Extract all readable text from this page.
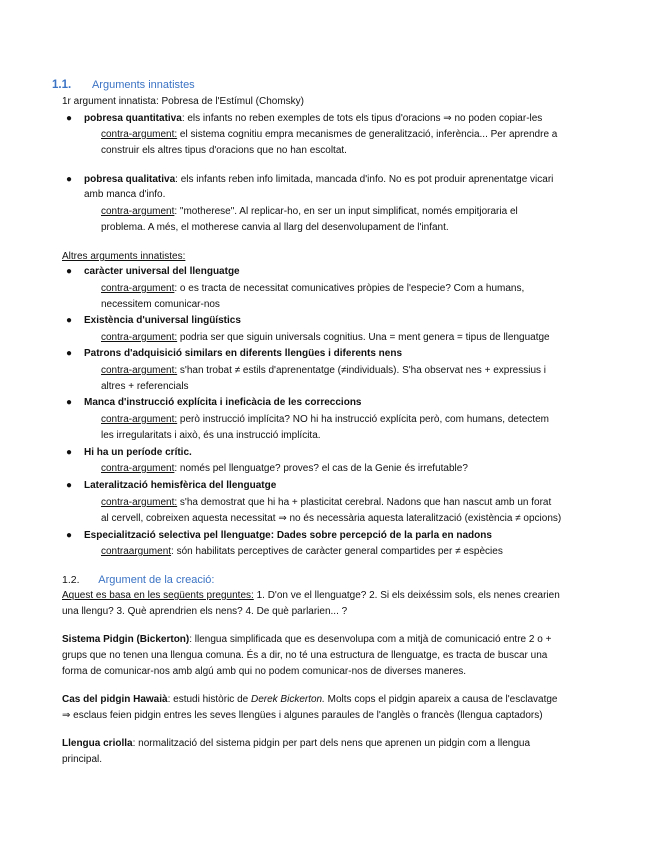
1.1. Arguments innatistes
1r argument innatista: Pobresa de l'Estímul (Chomsky)
● pobresa quantitativa: els infants no reben exemples de tots els tipus d'oracions ⇒ no poden copiar-les
contra-argument: el sistema cognitiu empra mecanismes de generalització, inferència... Per aprendre a
construir els altres tipus d'oracions que no han escoltat.
● pobresa qualitativa: els infants reben info limitada, mancada d'info. No es pot produir aprenentatge vicari
amb manca d'info.
contra-argument: "motherese". Al replicar-ho, en ser un input simplificat, només empitjoraria el
problema. A més, el motherese canvia al llarg del desenvolupament de l'infant.
Altres arguments innatistes:
● caràcter universal del llenguatge
contra-argument: o es tracta de necessitat comunicatives pròpies de l'especie? Com a humans,
necessitem comunicar-nos
● Existència d'universal lingüístics
contra-argument: podria ser que siguin universals cognitius. Una = ment genera = tipus de llenguatge
● Patrons d'adquisició similars en diferents llengües i diferents nens
contra-argument: s'han trobat ≠ estils d'aprenentatge (≠individuals). S'ha observat nes + expressius i
altres + referencials
● Manca d'instrucció explícita i ineficàcia de les correccions
contra-argument: però instrucció implícita? NO hi ha instrucció explícita però, com humans, detectem
les irregularitats i això, és una instrucció implícita.
● Hi ha un període crític.
contra-argument: només pel llenguatge? proves? el cas de la Genie és irrefutable?
● Lateralització hemisfèrica del llenguatge
contra-argument: s'ha demostrat que hi ha + plasticitat cerebral. Nadons que han nascut amb un forat
al cervell, cobreixen aquesta necessitat ⇒ no és necessària aquesta lateralització (existència ≠ opcions)
● Especialització selectiva pel llenguatge: Dades sobre percepció de la parla en nadons
contraargument: són habilitats perceptives de caràcter general compartides per ≠ espècies
1.2. Argument de la creació:
Aquest es basa en les següents preguntes: 1. D'on ve el llenguatge? 2. Si els deixéssim sols, els nenes crearien
una llengu? 3. Què aprendrien els nens? 4. De què parlarien... ?
Sistema Pidgin (Bickerton): llengua simplificada que es desenvolupa com a mitjà de comunicació entre 2 o +
grups que no tenen una llengua comuna. És a dir, no té una estructura de llenguatge, es tracta de buscar una
forma de comunicar-nos amb algú amb qui no podem comunicar-nos de diverses maneres.
Cas del pidgin Hawaià: estudi històric de Derek Bickerton. Molts cops el pidgin apareix a causa de l'esclavatge
⇒ esclaus feien pidgin entres les seves llengües i algunes paraules de l'anglès o francès (llengua captadors)
Llengua criolla: normalització del sistema pidgin per part dels nens que aprenen un pidgin com a llengua
principal.
